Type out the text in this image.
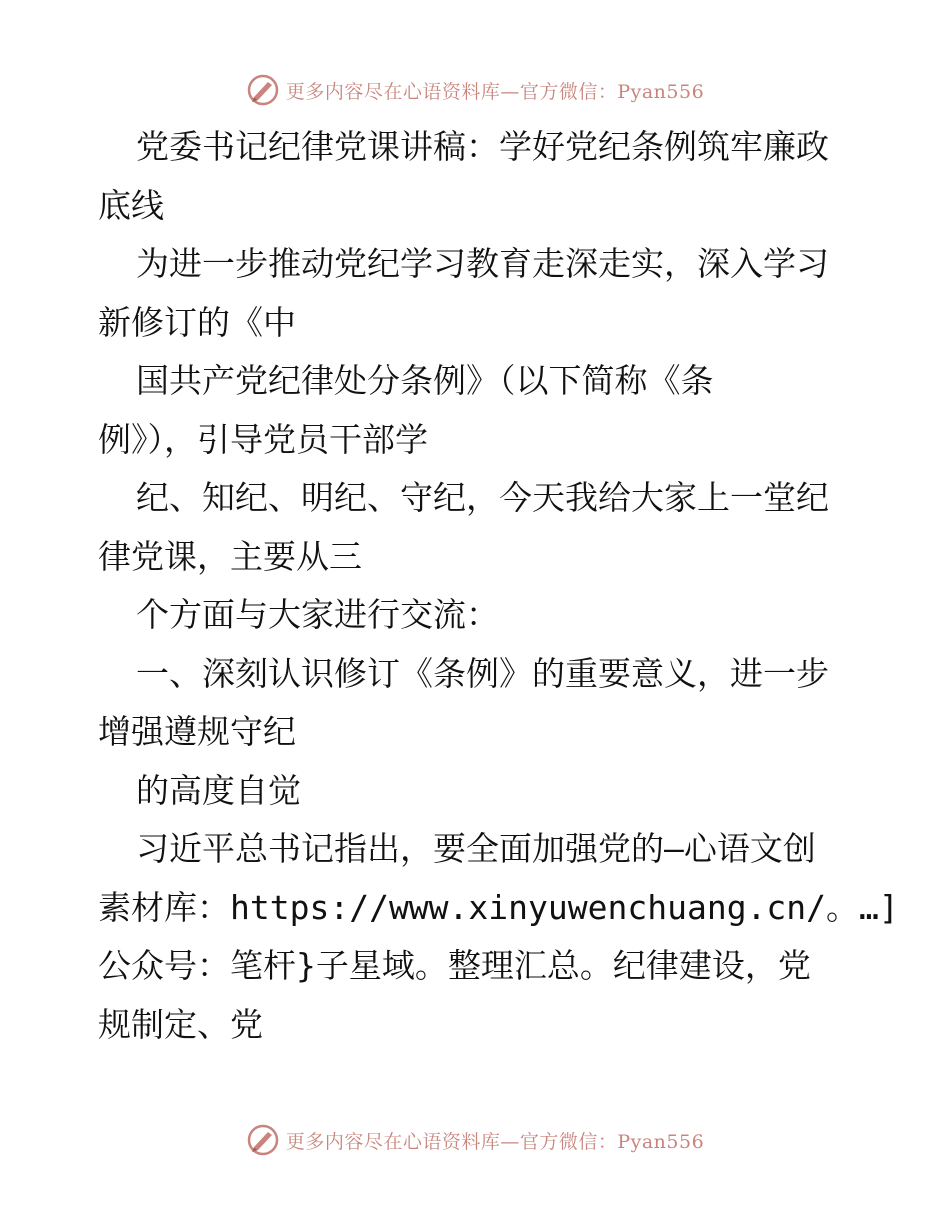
更多内容尽在心语资料库—官方微信：Pyan556
党委书记纪律党课讲稿：学好党纪条例筑牢廉政
底线
为进一步推动党纪学习教育走深走实，深入学习
新修订的《中
国共产党纪律处分条例》（以下简称《条
例》），引导党员干部学
纪、知纪、明纪、守纪，今天我给大家上一堂纪
律党课，主要从三
个方面与大家进行交流：
一、深刻认识修订《条例》的重要意义，进一步
增强遵规守纪
的高度自觉
习近平总书记指出，要全面加强党的—心语文创
素材库：https://www.xinyuwenchuang.cn/。…]
公众号：笔杆}子星域。整理汇总。纪律建设，党
规制定、党
更多内容尽在心语资料库—官方微信：Pyan556
